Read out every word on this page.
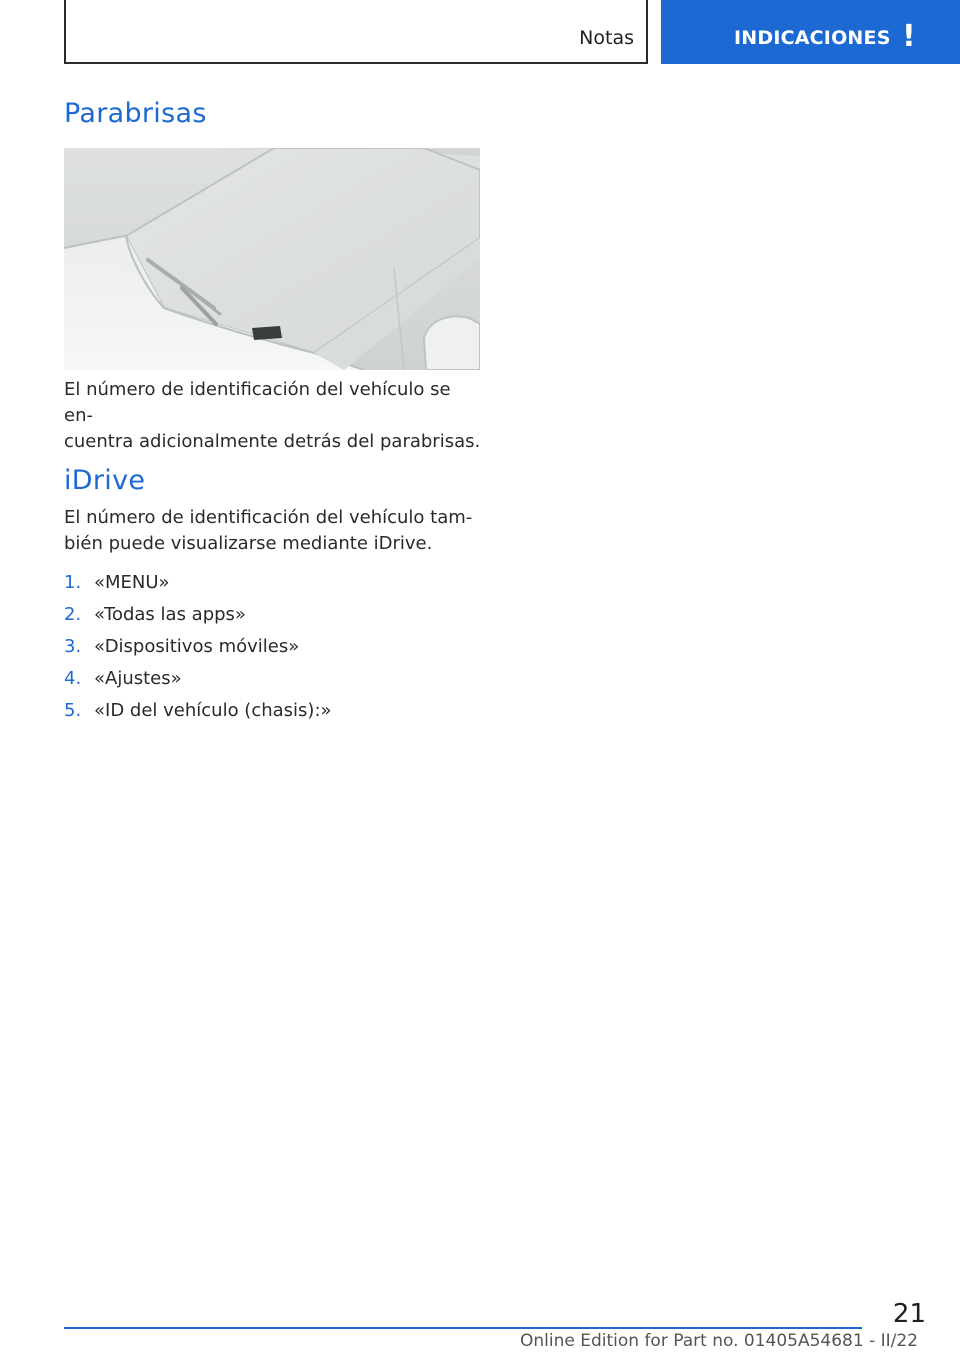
Notas	INDICACIONES !
Parabrisas

El número de identificación del vehículo se en-
cuentra adicionalmente detrás del parabrisas.

iDrive

El número de identificación del vehículo tam-
bién puede visualizarse mediante iDrive.

1. «MENU»
2. «Todas las apps»
3. «Dispositivos móviles»
4. «Ajustes»
5. «ID del vehículo (chasis):»
21
Online Edition for Part no. 01405A54681 - II/22
